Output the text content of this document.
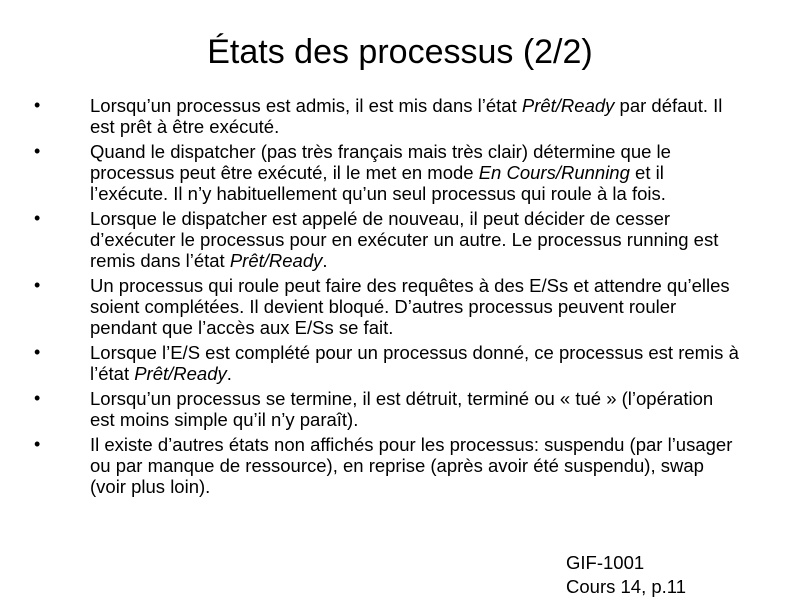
États des processus (2/2)
•	Lorsqu’un processus est admis, il est mis dans l’état Prêt/Ready par défaut. Il est prêt à être exécuté.
•	Quand le dispatcher (pas très français mais très clair) détermine que le processus peut être exécuté, il le met en mode En Cours/Running et il l’exécute. Il n’y habituellement qu’un seul processus qui roule à la fois.
•	Lorsque le dispatcher est appelé de nouveau, il peut décider de cesser d’exécuter le processus pour en exécuter un autre. Le processus running est remis dans l’état Prêt/Ready.
•	Un processus qui roule peut faire des requêtes à des E/Ss et attendre qu’elles soient complétées. Il devient bloqué. D’autres processus peuvent rouler pendant que l’accès aux E/Ss se fait.
•	Lorsque l’E/S est complété pour un processus donné, ce processus est remis à l’état Prêt/Ready.
•	Lorsqu’un processus se termine, il est détruit, terminé ou « tué » (l’opération est moins simple qu’il n’y paraît).
•	Il existe d’autres états non affichés pour les processus: suspendu (par l’usager ou par manque de ressource), en reprise (après avoir été suspendu), swap (voir plus loin).
GIF-1001
Cours 14, p.11
